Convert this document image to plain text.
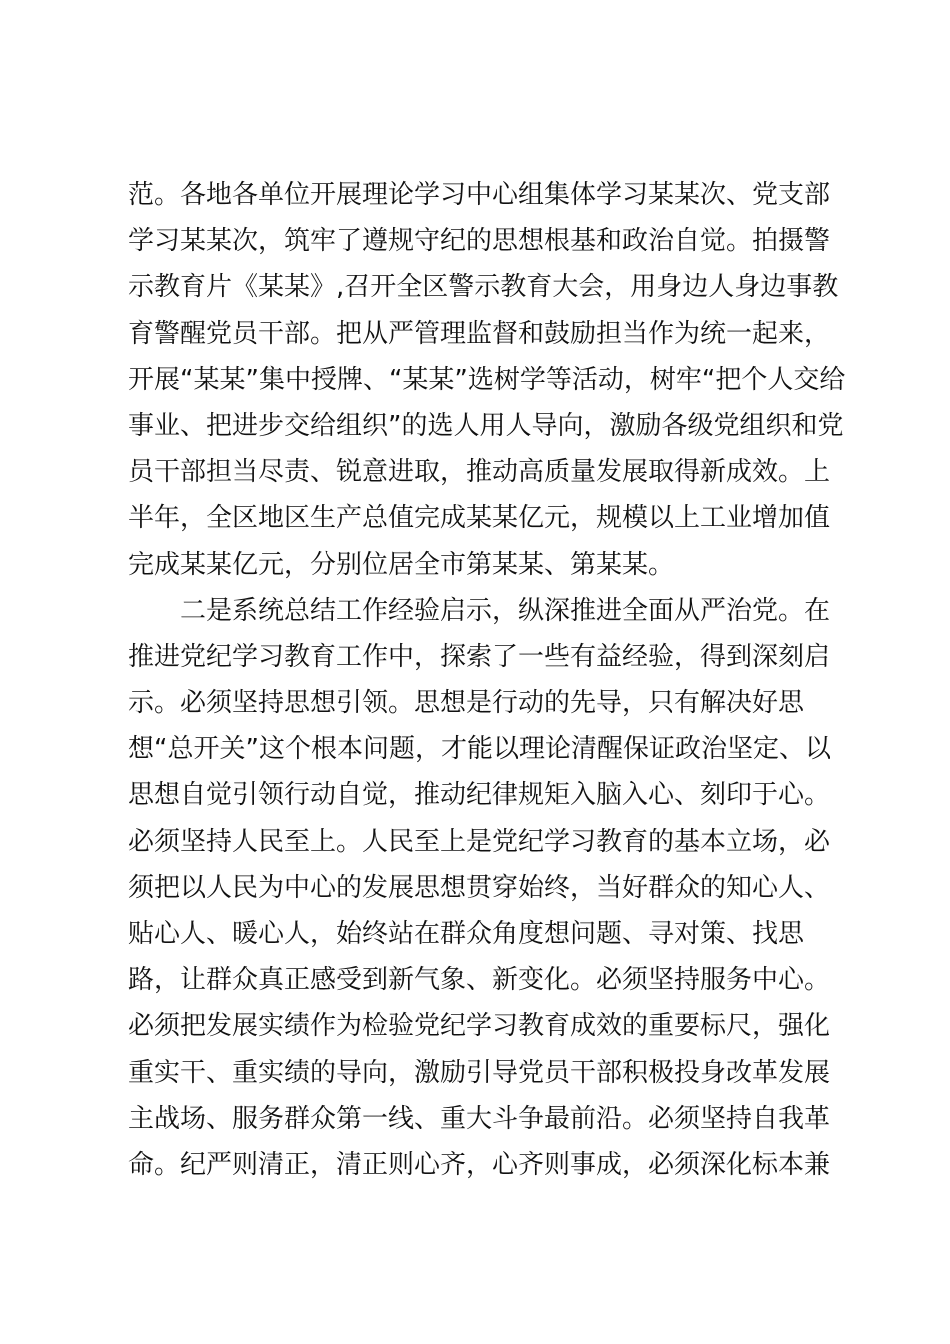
范。各地各单位开展理论学习中心组集体学习某某次、党支部
学习某某次，筑牢了遵规守纪的思想根基和政治自觉。拍摄警
示教育片《某某》,召开全区警示教育大会，用身边人身边事教
育警醒党员干部。把从严管理监督和鼓励担当作为统一起来，
开展“某某”集中授牌、“某某”选树学等活动，树牢“把个人交给
事业、把进步交给组织”的选人用人导向，激励各级党组织和党
员干部担当尽责、锐意进取，推动高质量发展取得新成效。上
半年，全区地区生产总值完成某某亿元，规模以上工业增加值
完成某某亿元，分别位居全市第某某、第某某。
　　二是系统总结工作经验启示，纵深推进全面从严治党。在
推进党纪学习教育工作中，探索了一些有益经验，得到深刻启
示。必须坚持思想引领。思想是行动的先导，只有解决好思
想“总开关”这个根本问题，才能以理论清醒保证政治坚定、以
思想自觉引领行动自觉，推动纪律规矩入脑入心、刻印于心。
必须坚持人民至上。人民至上是党纪学习教育的基本立场，必
须把以人民为中心的发展思想贯穿始终，当好群众的知心人、
贴心人、暖心人，始终站在群众角度想问题、寻对策、找思
路，让群众真正感受到新气象、新变化。必须坚持服务中心。
必须把发展实绩作为检验党纪学习教育成效的重要标尺，强化
重实干、重实绩的导向，激励引导党员干部积极投身改革发展
主战场、服务群众第一线、重大斗争最前沿。必须坚持自我革
命。纪严则清正，清正则心齐，心齐则事成，必须深化标本兼
